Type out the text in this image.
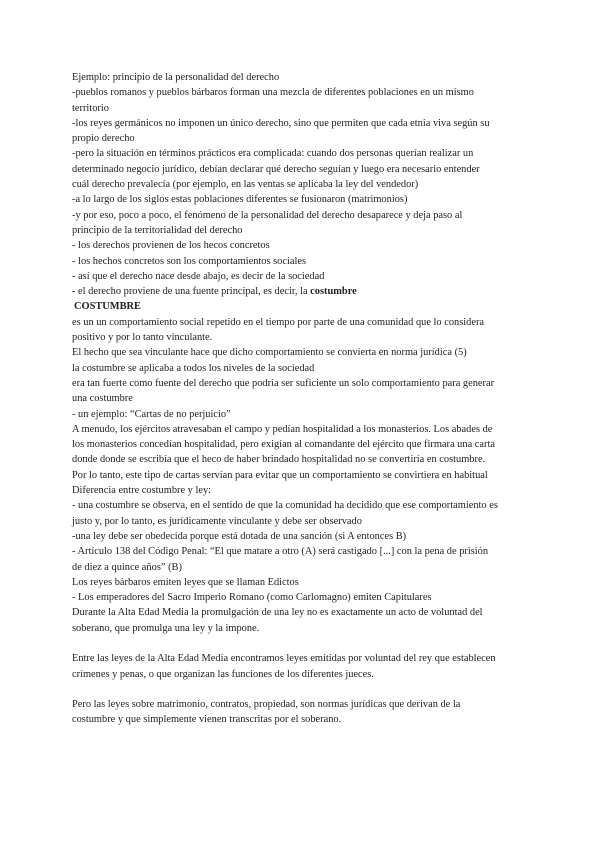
Ejemplo: principio de la personalidad del derecho
-pueblos romanos y pueblos bárbaros forman una mezcla de diferentes poblaciones en un mismo
territorio
-los reyes germánicos no imponen un único derecho, sino que permiten que cada etnia viva según su
propio derecho
-pero la situación en términos prácticos era complicada: cuando dos personas querían realizar un
determinado negocio jurídico, debían declarar qué derecho seguían y luego era necesario entender
cuál derecho prevalecía (por ejemplo, en las ventas se aplicaba la ley del vendedor)
-a lo largo de los siglos estas poblaciones diferentes se fusionaron (matrimonios)
-y por eso, poco a poco, el fenómeno de la personalidad del derecho desaparece y deja paso al
principio de la territorialidad del derecho
- los derechos provienen de los hecos concretos
- los hechos concretos son los comportamientos sociales
- así que el derecho nace desde abajo, es decir de la sociedad
- el derecho proviene de una fuente principal, es decir, la costumbre
COSTUMBRE
es un un comportamiento social repetido en el tiempo por parte de una comunidad que lo considera
positivo y por lo tanto vinculante.
El hecho que sea vinculante hace que dicho comportamiento se convierta en norma jurídica (5)
la costumbre se aplicaba a todos los niveles de la sociedad
era tan fuerte como fuente del derecho que podría ser suficiente un solo comportamiento para generar
una costumbre
- un ejemplo: “Cartas de no perjuicio”
A menudo, los ejércitos atravesaban el campo y pedían hospitalidad a los monasterios. Los abades de
los monasterios concedían hospitalidad, pero exigían al comandante del ejército que firmara una carta
donde donde se escribía que el heco de haber brindado hospitalidad no se convertiría en costumbre.
Por lo tanto, este tipo de cartas servían para evitar que un comportamiento se convirtiera en habitual
Diferencia entre costumbre y ley:
- una costumbre se observa, en el sentido de que la comunidad ha decidido que ese comportamiento es
justo y, por lo tanto, es jurídicamente vinculante y debe ser observado
-una ley debe ser obedecida porque está dotada de una sanción (si A entonces B)
- Artículo 138 del Código Penal: “El que matare a otro (A) será castigado [...] con la pena de prisión
de diez a quince años” (B)
Los reyes bárbaros emiten leyes que se llaman Edictos
- Los emperadores del Sacro Imperio Romano (como Carlomagno) emiten Capitulares
Durante la Alta Edad Media la promulgación de una ley no es exactamente un acto de voluntad del
soberano, que promulga una ley y la impone.
Entre las leyes de la Alta Edad Media encontramos leyes emitidas por voluntad del rey que establecen
crímenes y penas, o que organizan las funciones de los diferentes jueces.
Pero las leyes sobre matrimonio, contratos, propiedad, son normas jurídicas que derivan de la
costumbre y que simplemente vienen transcritas por el soberano.
